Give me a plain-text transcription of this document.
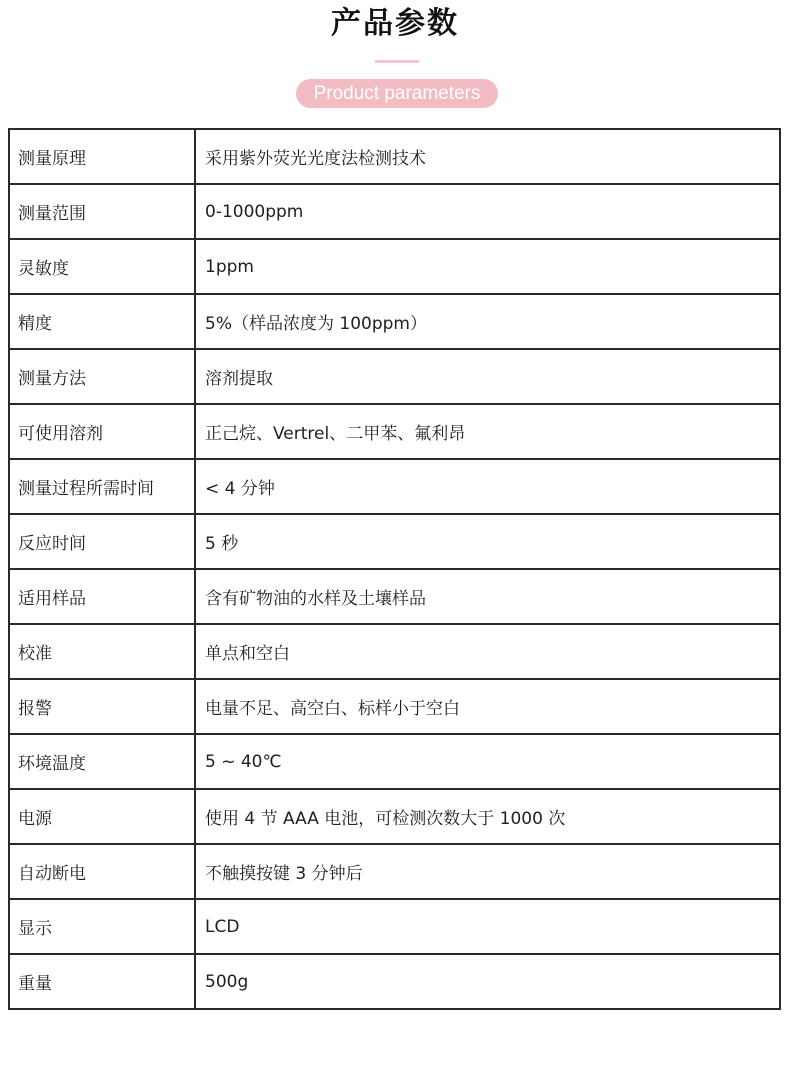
产品参数
Product parameters
测量原理	采用紫外荧光光度法检测技术
测量范围	0-1000ppm
灵敏度	1ppm
精度	5%（样品浓度为 100ppm）
测量方法	溶剂提取
可使用溶剂	正己烷、Vertrel、二甲苯、氟利昂
测量过程所需时间	< 4 分钟
反应时间	5 秒
适用样品	含有矿物油的水样及土壤样品
校准	单点和空白
报警	电量不足、高空白、标样小于空白
环境温度	5 ~ 40℃
电源	使用 4 节 AAA 电池，可检测次数大于 1000 次
自动断电	不触摸按键 3 分钟后
显示	LCD
重量	500g
